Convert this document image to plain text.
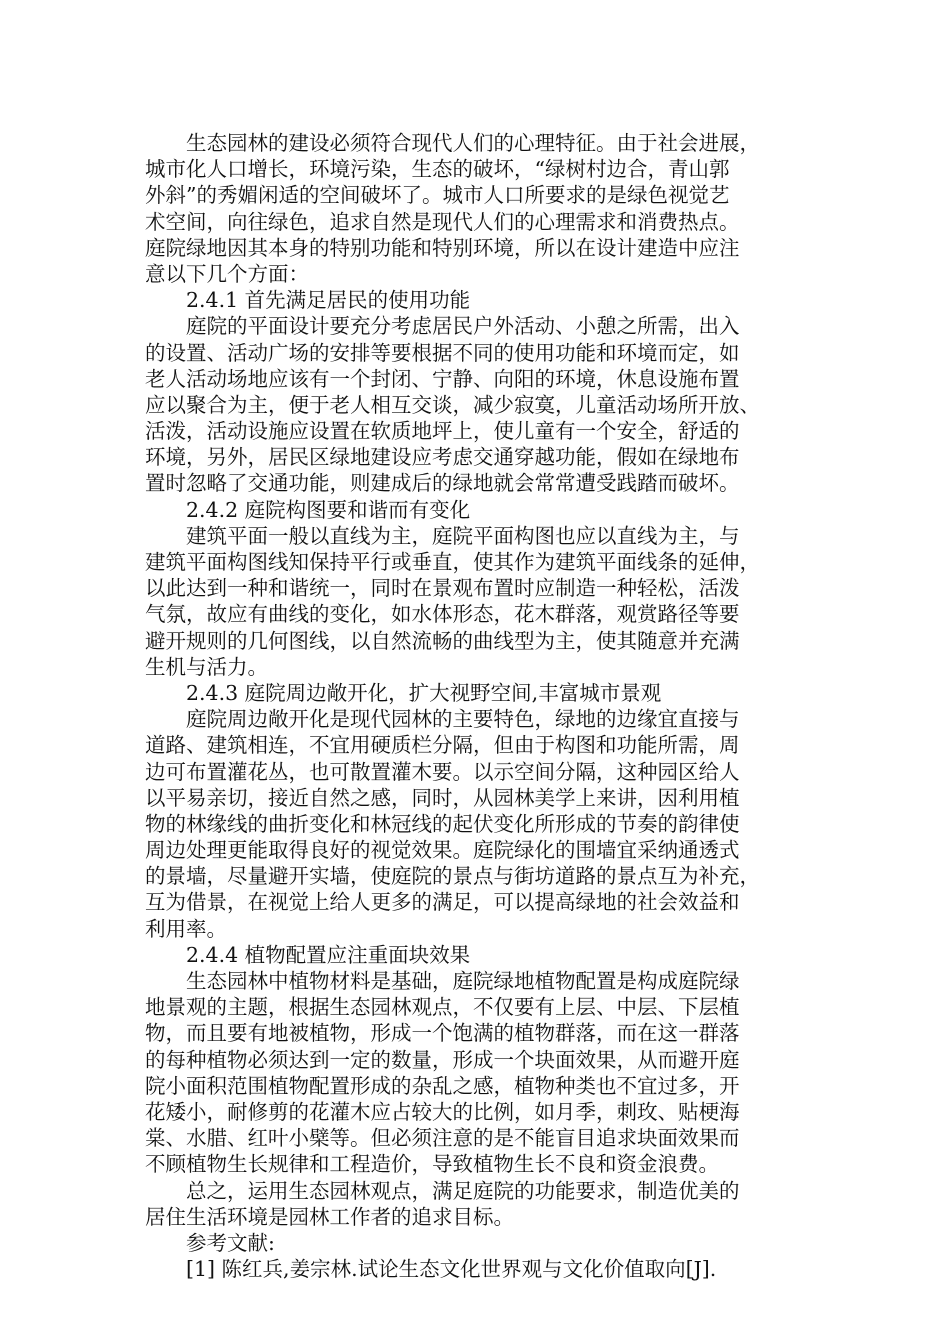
生态园林的建设必须符合现代人们的心理特征。由于社会进展，
城市化人口增长，环境污染，生态的破坏，“绿树村边合，青山郭
外斜”的秀媚闲适的空间破坏了。城市人口所要求的是绿色视觉艺
术空间，向往绿色，追求自然是现代人们的心理需求和消费热点。
庭院绿地因其本身的特别功能和特别环境，所以在设计建造中应注
意以下几个方面：
2.4.1 首先满足居民的使用功能
庭院的平面设计要充分考虑居民户外活动、小憩之所需，出入
的设置、活动广场的安排等要根据不同的使用功能和环境而定，如
老人活动场地应该有一个封闭、宁静、向阳的环境，休息设施布置
应以聚合为主，便于老人相互交谈，减少寂寞，儿童活动场所开放、
活泼，活动设施应设置在软质地坪上，使儿童有一个安全，舒适的
环境，另外，居民区绿地建设应考虑交通穿越功能，假如在绿地布
置时忽略了交通功能，则建成后的绿地就会常常遭受践踏而破坏。
2.4.2 庭院构图要和谐而有变化
建筑平面一般以直线为主，庭院平面构图也应以直线为主，与
建筑平面构图线知保持平行或垂直，使其作为建筑平面线条的延伸，
以此达到一种和谐统一，同时在景观布置时应制造一种轻松，活泼
气氛，故应有曲线的变化，如水体形态，花木群落，观赏路径等要
避开规则的几何图线，以自然流畅的曲线型为主，使其随意并充满
生机与活力。
2.4.3 庭院周边敞开化，扩大视野空间,丰富城市景观
庭院周边敞开化是现代园林的主要特色，绿地的边缘宜直接与
道路、建筑相连，不宜用硬质栏分隔，但由于构图和功能所需，周
边可布置灌花丛，也可散置灌木要。以示空间分隔，这种园区给人
以平易亲切，接近自然之感，同时，从园林美学上来讲，因利用植
物的林缘线的曲折变化和林冠线的起伏变化所形成的节奏的韵律使
周边处理更能取得良好的视觉效果。庭院绿化的围墙宜采纳通透式
的景墙，尽量避开实墙，使庭院的景点与街坊道路的景点互为补充，
互为借景，在视觉上给人更多的满足，可以提高绿地的社会效益和
利用率。
2.4.4 植物配置应注重面块效果
生态园林中植物材料是基础，庭院绿地植物配置是构成庭院绿
地景观的主题，根据生态园林观点，不仅要有上层、中层、下层植
物，而且要有地被植物，形成一个饱满的植物群落，而在这一群落
的每种植物必须达到一定的数量，形成一个块面效果，从而避开庭
院小面积范围植物配置形成的杂乱之感，植物种类也不宜过多，开
花矮小，耐修剪的花灌木应占较大的比例，如月季，刺玫、贴梗海
棠、水腊、红叶小檗等。但必须注意的是不能盲目追求块面效果而
不顾植物生长规律和工程造价，导致植物生长不良和资金浪费。
总之，运用生态园林观点，满足庭院的功能要求，制造优美的
居住生活环境是园林工作者的追求目标。
参考文献:
[1] 陈红兵,姜宗林.试论生态文化世界观与文化价值取向[J].
